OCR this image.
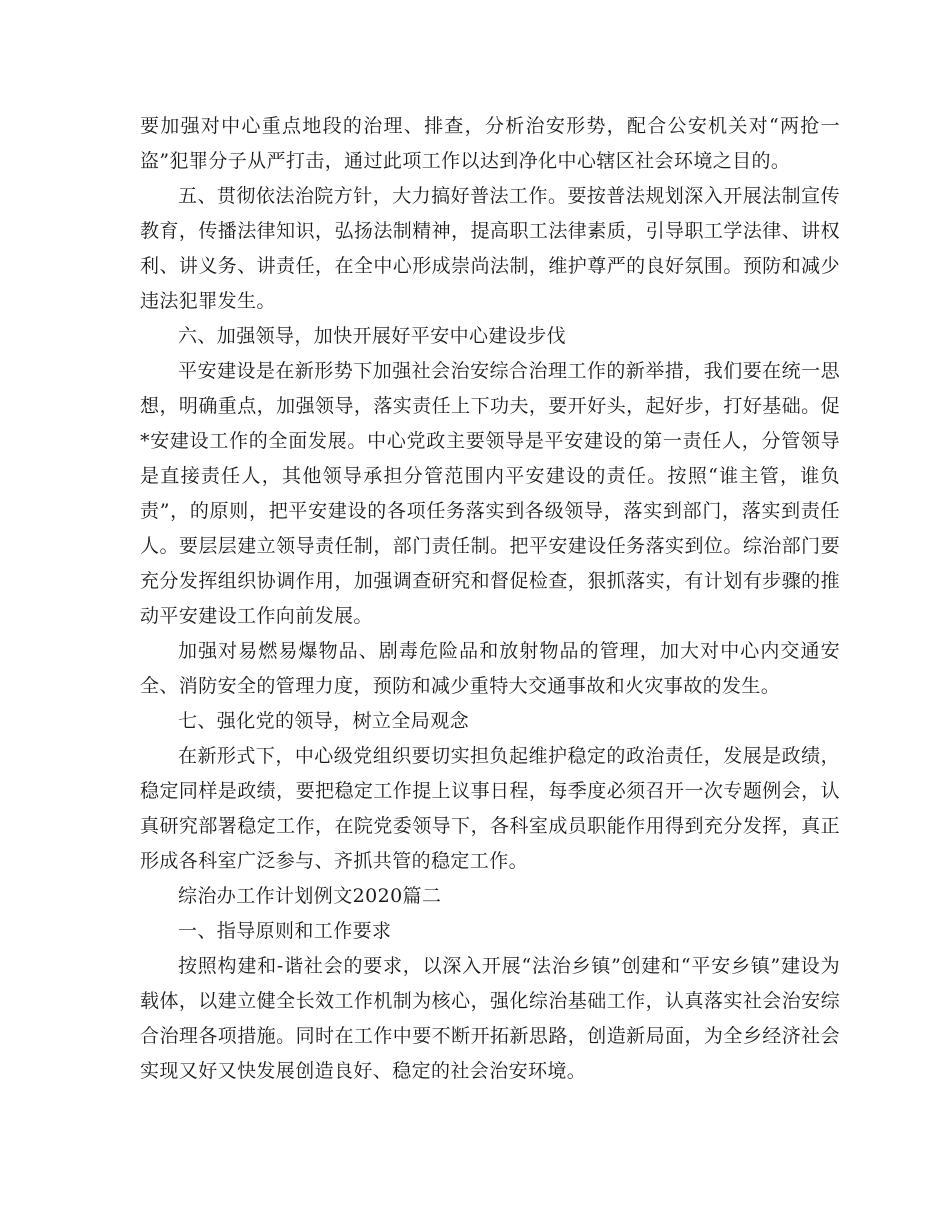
要加强对中心重点地段的治理、排查，分析治安形势，配合公安机关对“两抢一盗”犯罪分子从严打击，通过此项工作以达到净化中心辖区社会环境之目的。

五、贯彻依法治院方针，大力搞好普法工作。要按普法规划深入开展法制宣传教育，传播法律知识，弘扬法制精神，提高职工法律素质，引导职工学法律、讲权利、讲义务、讲责任，在全中心形成崇尚法制，维护尊严的良好氛围。预防和减少违法犯罪发生。

六、加强领导，加快开展好平安中心建设步伐

平安建设是在新形势下加强社会治安综合治理工作的新举措，我们要在统一思想，明确重点，加强领导，落实责任上下功夫，要开好头，起好步，打好基础。促*安建设工作的全面发展。中心党政主要领导是平安建设的第一责任人，分管领导是直接责任人，其他领导承担分管范围内平安建设的责任。按照“谁主管，谁负责”，的原则，把平安建设的各项任务落实到各级领导，落实到部门，落实到责任人。要层层建立领导责任制，部门责任制。把平安建设任务落实到位。综治部门要充分发挥组织协调作用，加强调查研究和督促检查，狠抓落实，有计划有步骤的推动平安建设工作向前发展。

加强对易燃易爆物品、剧毒危险品和放射物品的管理，加大对中心内交通安全、消防安全的管理力度，预防和减少重特大交通事故和火灾事故的发生。

七、强化党的领导，树立全局观念

在新形式下，中心级党组织要切实担负起维护稳定的政治责任，发展是政绩，稳定同样是政绩，要把稳定工作提上议事日程，每季度必须召开一次专题例会，认真研究部署稳定工作，在院党委领导下，各科室成员职能作用得到充分发挥，真正形成各科室广泛参与、齐抓共管的稳定工作。

综治办工作计划例文2020篇二

一、指导原则和工作要求

按照构建和-谐社会的要求，以深入开展“法治乡镇”创建和“平安乡镇”建设为载体，以建立健全长效工作机制为核心，强化综治基础工作，认真落实社会治安综合治理各项措施。同时在工作中要不断开拓新思路，创造新局面，为全乡经济社会实现又好又快发展创造良好、稳定的社会治安环境。
